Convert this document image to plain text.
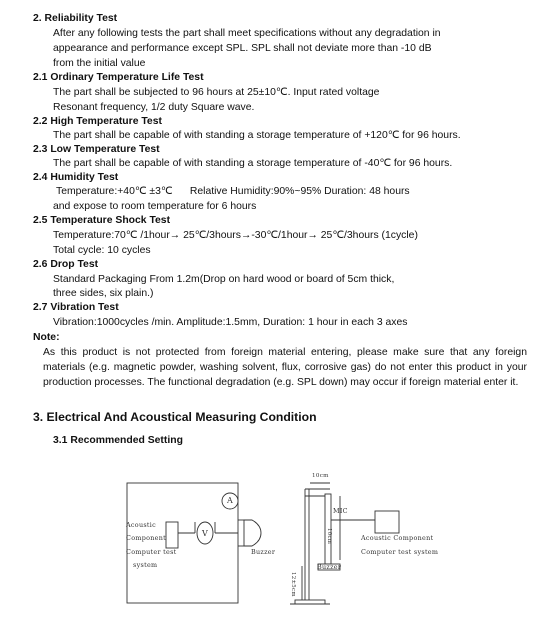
2. Reliability Test
After any following tests the part shall meet specifications without any degradation in
appearance and performance except SPL. SPL shall not deviate more than -10 dB
from the initial value
2.1 Ordinary Temperature Life Test
The part shall be subjected to 96 hours at 25±10℃. Input rated voltage
Resonant frequency, 1/2 duty Square wave.
2.2 High Temperature Test
The part shall be capable of with standing a storage temperature of +120℃ for 96 hours.
2.3 Low Temperature Test
The part shall be capable of with standing a storage temperature of -40℃ for 96 hours.
2.4 Humidity Test
Temperature:+40℃ ±3℃      Relative Humidity:90%~95% Duration: 48 hours
and expose to room temperature for 6 hours
2.5 Temperature Shock Test
Temperature:70℃ /1hour→ 25℃/3hours→-30℃/1hour→ 25℃/3hours (1cycle)
Total cycle: 10 cycles
2.6 Drop Test
Standard Packaging From 1.2m(Drop on hard wood or board of 5cm thick,
three sides, six plain.)
2.7 Vibration Test
Vibration:1000cycles /min. Amplitude:1.5mm, Duration: 1 hour in each 3 axes
Note:
As this product is not protected from foreign material entering, please make sure that any foreign
materials (e.g. magnetic powder, washing solvent, flux, corrosive gas) do not enter this product in your
production processes. The functional degradation (e.g. SPL down) may occur if foreign material enter it.
3. Electrical And Acoustical Measuring Condition
3.1 Recommended Setting
Acoustic
Component
Computer test
system
A
V
Buzzer
10cm
MIC
10cm
12±5cm
Buzzer
Acoustic Component
Computer test system
